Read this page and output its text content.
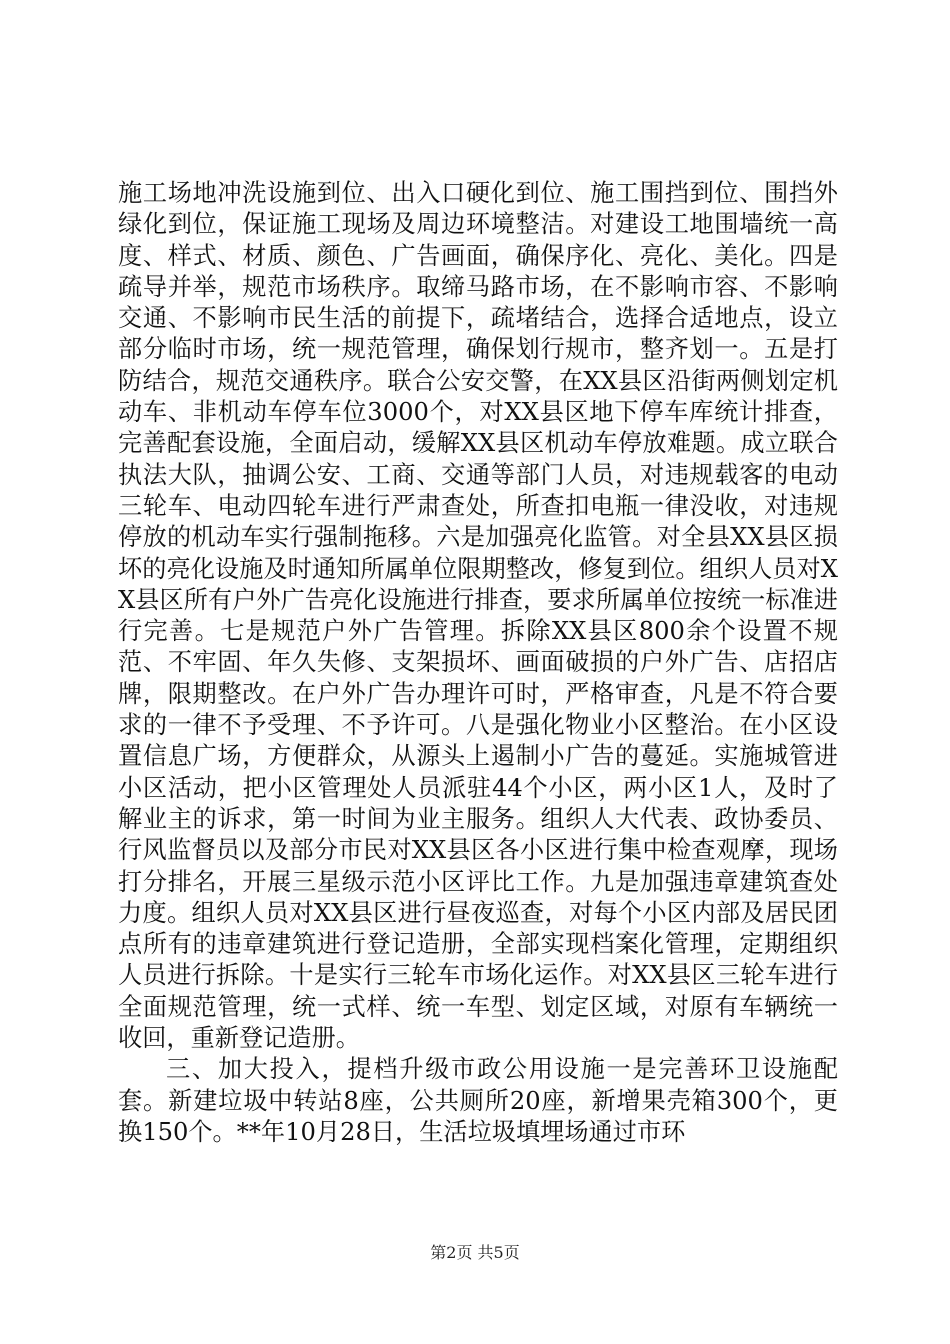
施工场地冲洗设施到位、出入口硬化到位、施工围挡到位、围挡外绿化到位，保证施工现场及周边环境整洁。对建设工地围墙统一高度、样式、材质、颜色、广告画面，确保序化、亮化、美化。四是疏导并举，规范市场秩序。取缔马路市场，在不影响市容、不影响交通、不影响市民生活的前提下，疏堵结合，选择合适地点，设立部分临时市场，统一规范管理，确保划行规市，整齐划一。五是打防结合，规范交通秩序。联合公安交警，在XX县区沿街两侧划定机动车、非机动车停车位3000个，对XX县区地下停车库统计排查，完善配套设施，全面启动，缓解XX县区机动车停放难题。成立联合执法大队，抽调公安、工商、交通等部门人员，对违规载客的电动三轮车、电动四轮车进行严肃查处，所查扣电瓶一律没收，对违规停放的机动车实行强制拖移。六是加强亮化监管。对全县XX县区损坏的亮化设施及时通知所属单位限期整改，修复到位。组织人员对XX县区所有户外广告亮化设施进行排查，要求所属单位按统一标准进行完善。七是规范户外广告管理。拆除XX县区800余个设置不规范、不牢固、年久失修、支架损坏、画面破损的户外广告、店招店牌，限期整改。在户外广告办理许可时，严格审查，凡是不符合要求的一律不予受理、不予许可。八是强化物业小区整治。在小区设置信息广场，方便群众，从源头上遏制小广告的蔓延。实施城管进小区活动，把小区管理处人员派驻44个小区，两小区1人，及时了解业主的诉求，第一时间为业主服务。组织人大代表、政协委员、行风监督员以及部分市民对XX县区各小区进行集中检查观摩，现场打分排名，开展三星级示范小区评比工作。九是加强违章建筑查处力度。组织人员对XX县区进行昼夜巡查，对每个小区内部及居民团点所有的违章建筑进行登记造册，全部实现档案化管理，定期组织人员进行拆除。十是实行三轮车市场化运作。对XX县区三轮车进行全面规范管理，统一式样、统一车型、划定区域，对原有车辆统一收回，重新登记造册。

三、加大投入，提档升级市政公用设施一是完善环卫设施配套。新建垃圾中转站8座，公共厕所20座，新增果壳箱300个，更换150个。**年10月28日，生活垃圾填埋场通过市环

第2页 共5页
